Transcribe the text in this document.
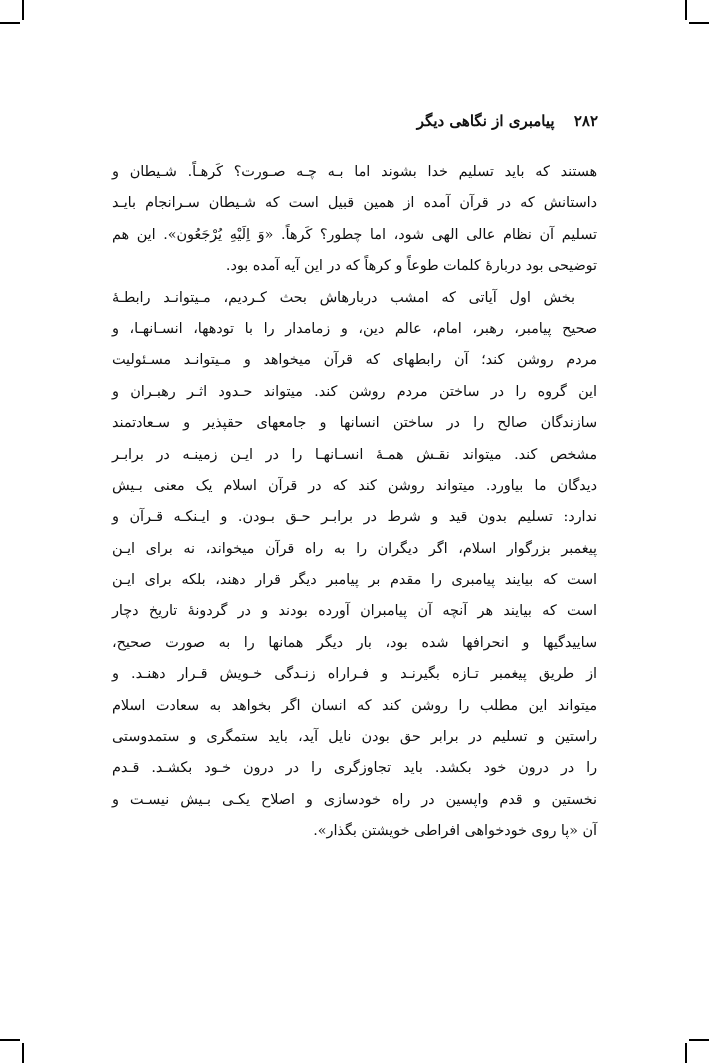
۲۸۲ پیامبری از نگاهی دیگر
هستند که باید تسلیم خدا بشوند اما بـه چـه صـورت؟ کَرهـاً. شـیطان و
داستانش که در قرآن آمده از همین قبیل است که شـیطان سـرانجام بایـد
تسلیم آن نظام عالی الهی شود، اما چطور؟ کَرهاً. «وَ اِلَیْهِ یُرْجَعُون». این هم
توضیحی بود دربارهٔ کلمات طوعاً و کرهاً که در این آیه آمده بود.
بخش اول آیاتی که امشب دربارهاش بحث کـردیم، مـیتوانـد رابطـهٔ
صحیح پیامبر، رهبر، امام، عالم دین، و زمامدار را با تودهها، انسـانهـا، و
مردم روشن کند؛ آن رابطهای که قرآن میخواهد و مـیتوانـد مسـئولیت
این گروه را در ساختن مردم روشن کند. میتواند حـدود اثـر رهبـران و
سازندگان صالح را در ساختن انسانها و جامعهای حقپذیر و سـعادتمند
مشخص کند. میتواند نقـش همـهٔ انسـانهـا را در ایـن زمینـه در برابـر
دیدگان ما بیاورد. میتواند روشن کند که در قرآن اسلام یک معنی بـیش
ندارد: تسلیم بدون قید و شرط در برابـر حـق بـودن. و ایـنکـه قـرآن و
پیغمبر بزرگوار اسلام، اگر دیگران را به راه قرآن میخواند، نه برای ایـن
است که بیایند پیامبری را مقدم بر پیامبر دیگر قرار دهند، بلکه برای ایـن
است که بیایند هر آنچه آن پیامبران آورده بودند و در گردونهٔ تاریخ دچار
ساییدگیها و انحرافها شده بود، بار دیگر همانها را به صورت صحیح،
از طریق پیغمبر تـازه بگیرنـد و فـراراه زنـدگی خـویش قـرار دهنـد. و
میتواند این مطلب را روشن کند که انسان اگر بخواهد به سعادت اسلام
راستین و تسلیم در برابر حق بودن نایل آید، باید ستمگری و ستمدوستی
را در درون خود بکشد. باید تجاوزگری را در درون خـود بکشـد. قـدم
نخستین و قدم واپسین در راه خودسازی و اصلاح یکـی بـیش نیسـت و
آن «پا روی خودخواهی افراطی خویشتن بگذار».
